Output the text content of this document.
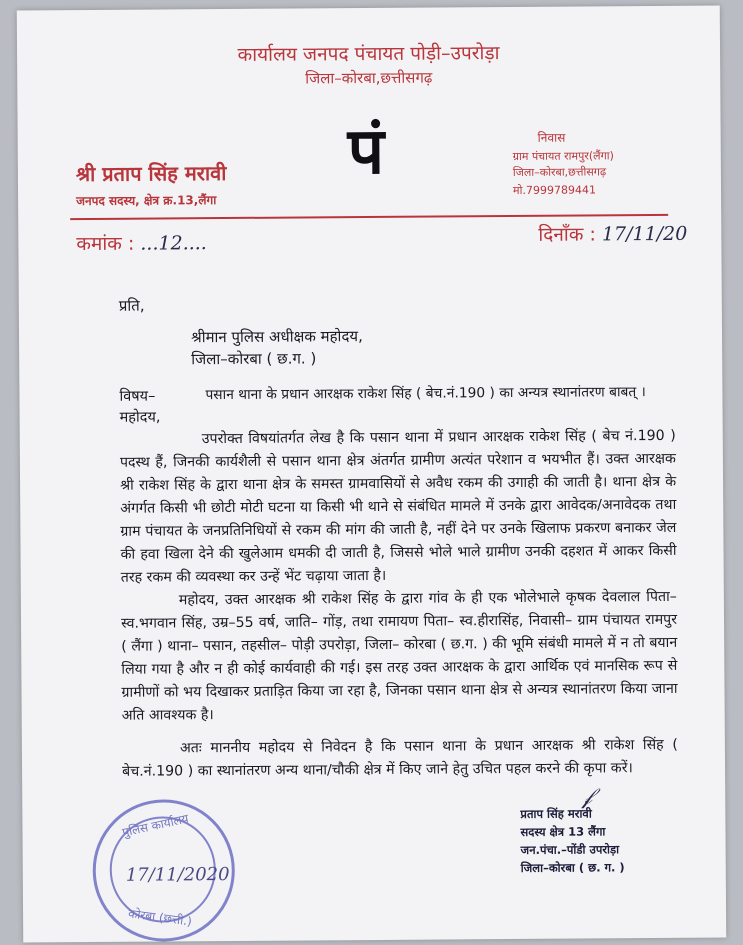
कार्यालय जनपद पंचायत पोड़ी–उपरोड़ा
जिला–कोरबा,छत्तीसगढ़
श्री प्रताप सिंह मरावी
जनपद सदस्य, क्षेत्र क्र.13,लैंगा
पं	निवास
ग्राम पंचायत रामपुर(लैंगा)
जिला–कोरबा,छत्तीसगढ़
मो.7999789441
कमांक : ...12....	दिनाँक : 17/11/20
प्रति,
श्रीमान पुलिस अधीक्षक महोदय,
जिला–कोरबा ( छ.ग. )
विषय–	पसान थाना के प्रधान आरक्षक राकेश सिंह ( बेच.नं.190 ) का अन्यत्र स्थानांतरण बाबत् ।
महोदय,
उपरोक्त विषयांतर्गत लेख है कि पसान थाना में प्रधान आरक्षक राकेश सिंह ( बेच नं.190 ) पदस्थ हैं, जिनकी कार्यशैली से पसान थाना क्षेत्र अंतर्गत ग्रामीण अत्यंत परेशान व भयभीत हैं। उक्त आरक्षक श्री राकेश सिंह के द्वारा थाना क्षेत्र के समस्त ग्रामवासियों से अवैध रकम की उगाही की जाती है। थाना क्षेत्र के अंगर्गत किसी भी छोटी मोटी घटना या किसी भी थाने से संबंधित मामले में उनके द्वारा आवेदक/अनावेदक तथा ग्राम पंचायत के जनप्रतिनिधियों से रकम की मांग की जाती है, नहीं देने पर उनके खिलाफ प्रकरण बनाकर जेल की हवा खिला देने की खुलेआम धमकी दी जाती है, जिससे भोले भाले ग्रामीण उनकी दहशत में आकर किसी तरह रकम की व्यवस्था कर उन्हें भेंट चढ़ाया जाता है।
महोदय, उक्त आरक्षक श्री राकेश सिंह के द्वारा गांव के ही एक भोलेभाले कृषक देवलाल पिता– स्व.भगवान सिंह, उम्र–55 वर्ष, जाति– गोंड़, तथा रामायण पिता– स्व.हीरासिंह, निवासी– ग्राम पंचायत रामपुर ( लैंगा ) थाना– पसान, तहसील– पोड़ी उपरोड़ा, जिला– कोरबा ( छ.ग. ) की भूमि संबंधी मामले में न तो बयान लिया गया है और न ही कोई कार्यवाही की गई। इस तरह उक्त आरक्षक के द्वारा आर्थिक एवं मानसिक रूप से ग्रामीणों को भय दिखाकर प्रताड़ित किया जा रहा है, जिनका पसान थाना क्षेत्र से अन्यत्र स्थानांतरण किया जाना अति आवश्यक है।
अतः माननीय महोदय से निवेदन है कि पसान थाना के प्रधान आरक्षक श्री राकेश सिंह ( बेच.नं.190 ) का स्थानांतरण अन्य थाना/चौकी क्षेत्र में किए जाने हेतु उचित पहल करने की कृपा करें।
पुलिस कार्यालय
17/11/2020
कोरबा (छत्ती.)
𝒻
प्रताप सिंह मरावी
सदस्य क्षेत्र 13 लैंगा
जन.पंचा.–पोंडी उपरोड़ा
जिला–कोरबा ( छ. ग. )
